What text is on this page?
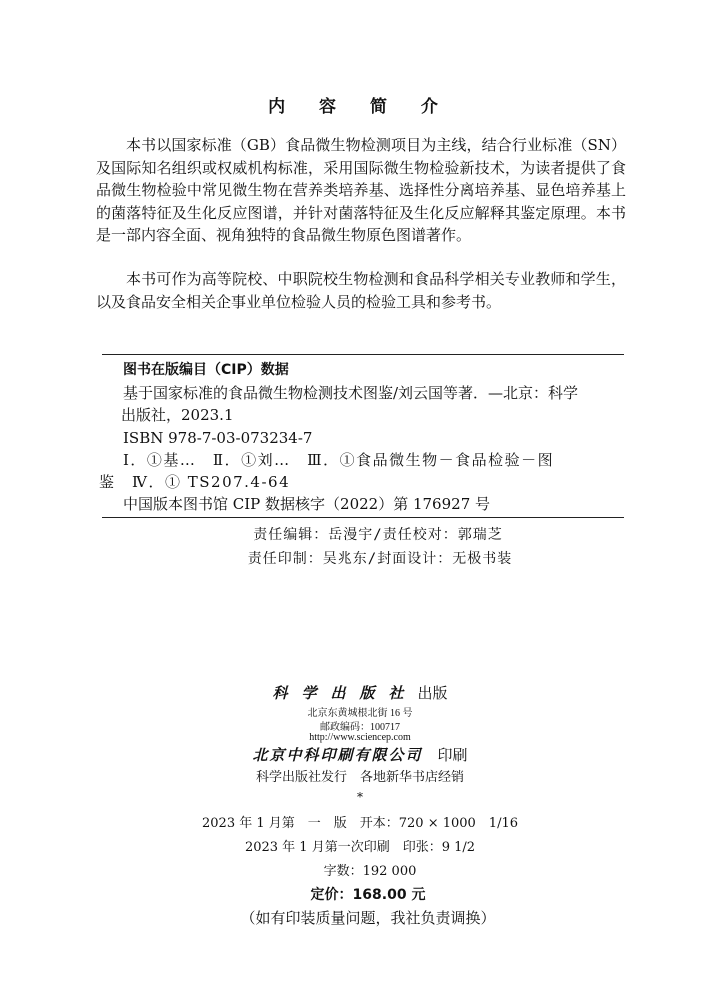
内 容 简 介

本书以国家标准（GB）食品微生物检测项目为主线，结合行业标准（SN）及国际知名组织或权威机构标准，采用国际微生物检验新技术，为读者提供了食品微生物检验中常见微生物在营养类培养基、选择性分离培养基、显色培养基上的菌落特征及生化反应图谱，并针对菌落特征及生化反应解释其鉴定原理。本书是一部内容全面、视角独特的食品微生物原色图谱著作。

本书可作为高等院校、中职院校生物检测和食品科学相关专业教师和学生，以及食品安全相关企事业单位检验人员的检验工具和参考书。

图书在版编目（CIP）数据
基于国家标准的食品微生物检测技术图鉴/刘云国等著．—北京：科学
出版社，2023.1
ISBN 978-7-03-073234-7
Ⅰ．①基…　Ⅱ．①刘…　Ⅲ．①食品微生物－食品检验－图
鉴　Ⅳ．① TS207.4-64
中国版本图书馆 CIP 数据核字（2022）第 176927 号
责任编辑：岳漫宇/责任校对：郭瑞芝
责任印制：吴兆东/封面设计：无极书装
科学出版社出版
北京东黄城根北街 16 号
邮政编码：100717
http://www.sciencep.com
北京中科印刷有限公司　 印刷
科学出版社发行　各地新华书店经销
*
2023 年 1 月第　一　版　开本：720 × 1000　1/16
2023 年 1 月第一次印刷　印张：9 1/2
字数：192 000
定价：168.00 元
（如有印装质量问题，我社负责调换）
